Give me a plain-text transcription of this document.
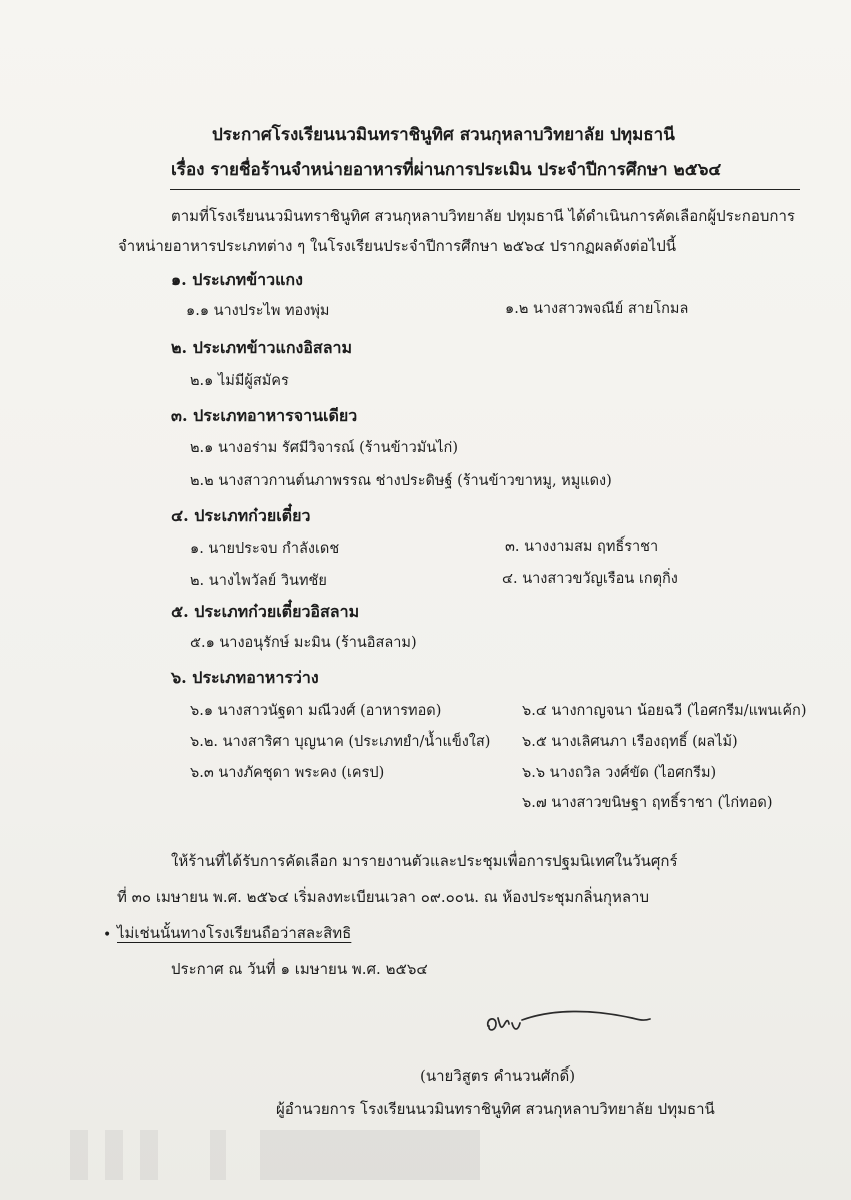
ประกาศโรงเรียนนวมินทราชินูทิศ สวนกุหลาบวิทยาลัย ปทุมธานี
เรื่อง รายชื่อร้านจำหน่ายอาหารที่ผ่านการประเมิน ประจำปีการศึกษา ๒๕๖๔
ตามที่โรงเรียนนวมินทราชินูทิศ สวนกุหลาบวิทยาลัย ปทุมธานี ได้ดำเนินการคัดเลือกผู้ประกอบการ
จำหน่ายอาหารประเภทต่าง ๆ ในโรงเรียนประจำปีการศึกษา ๒๕๖๔ ปรากฏผลดังต่อไปนี้
๑. ประเภทข้าวแกง
๑.๑ นางประไพ ทองพุ่ม	๑.๒ นางสาวพจณีย์ สายโกมล
๒. ประเภทข้าวแกงอิสลาม
๒.๑ ไม่มีผู้สมัคร
๓. ประเภทอาหารจานเดียว
๒.๑ นางอร่าม รัศมีวิจารณ์ (ร้านข้าวมันไก่)
๒.๒ นางสาวกานต์นภาพรรณ ช่างประดิษฐ์ (ร้านข้าวขาหมู, หมูแดง)
๔. ประเภทก๋วยเตี๋ยว
๑. นายประจบ กำลังเดช	๓. นางงามสม ฤทธิ์ราชา
๒. นางไพวัลย์ วินทชัย	๔. นางสาวขวัญเรือน เกตุกิ่ง
๕. ประเภทก๋วยเตี๋ยวอิสลาม
๕.๑ นางอนุรักษ์ มะมิน (ร้านอิสลาม)
๖. ประเภทอาหารว่าง
๖.๑ นางสาวนัฐดา มณีวงศ์ (อาหารทอด)	๖.๔ นางกาญจนา น้อยฉวี (ไอศกรีม/แพนเค้ก)
๖.๒. นางสาริศา บุญนาค (ประเภทยำ/น้ำแข็งใส) ๖.๕ นางเลิศนภา เรืองฤทธิ์ (ผลไม้)
๖.๓ นางภัคชุดา พระคง (เครป)	๖.๖ นางถวิล วงศ์ขัด (ไอศกรีม)
๖.๗ นางสาวขนิษฐา ฤทธิ์ราชา (ไก่ทอด)
ให้ร้านที่ได้รับการคัดเลือก มารายงานตัวและประชุมเพื่อการปฐมนิเทศในวันศุกร์
ที่ ๓๐ เมษายน พ.ศ. ๒๕๖๔ เริ่มลงทะเบียนเวลา ๐๙.๐๐น. ณ ห้องประชุมกลิ่นกุหลาบ
• ไม่เช่นนั้นทางโรงเรียนถือว่าสละสิทธิ
ประกาศ ณ วันที่ ๑ เมษายน พ.ศ. ๒๕๖๔
(นายวิสูตร คำนวนศักดิ์)
ผู้อำนวยการ โรงเรียนนวมินทราชินูทิศ สวนกุหลาบวิทยาลัย ปทุมธานี
